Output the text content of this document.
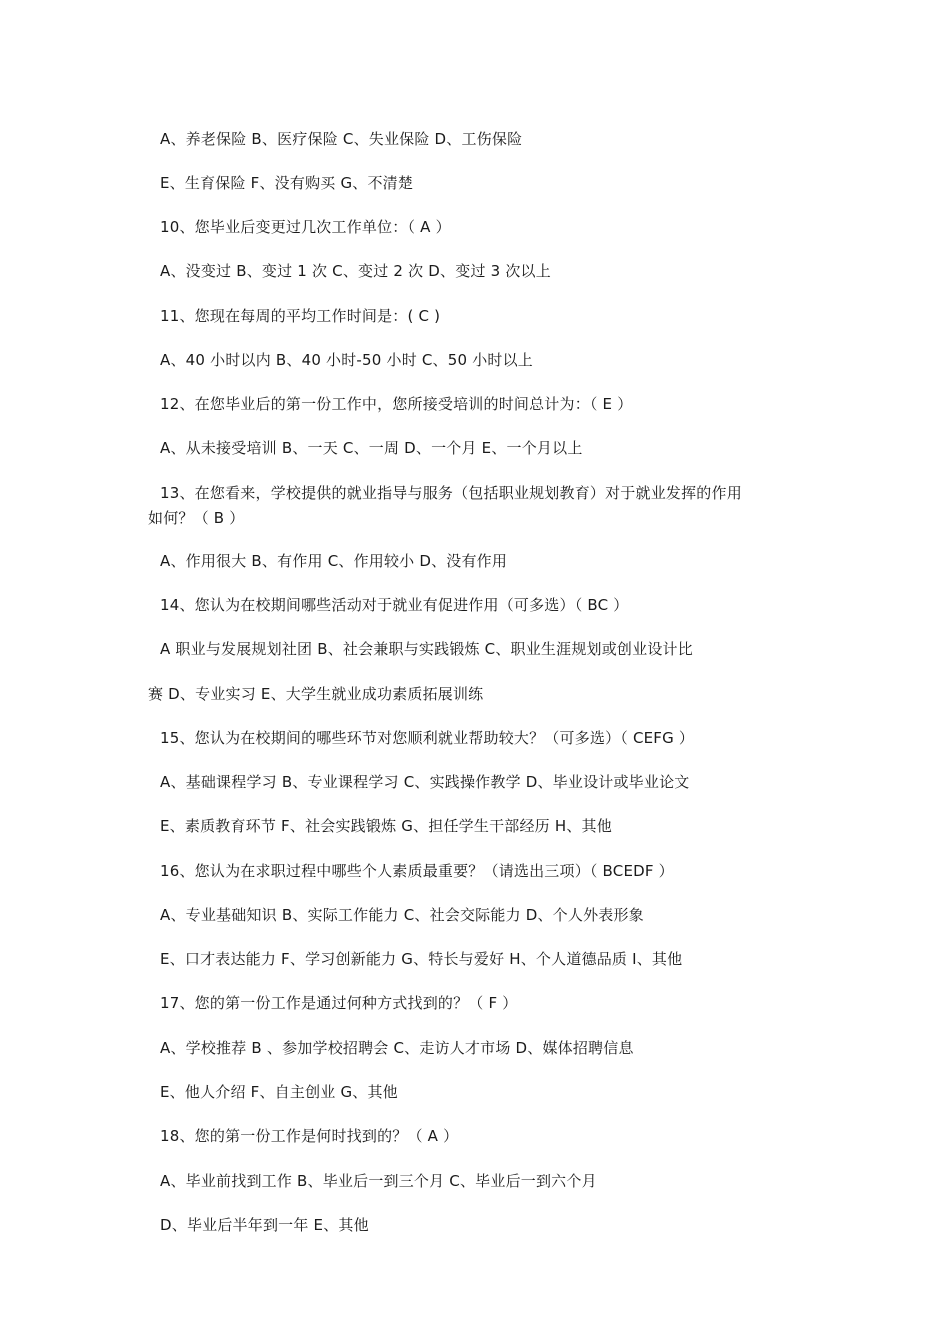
A、养老保险 B、医疗保险 C、失业保险 D、工伤保险
E、生育保险 F、没有购买 G、不清楚
10、您毕业后变更过几次工作单位：（ A ）
A、没变过 B、变过 1 次 C、变过 2 次 D、变过 3 次以上
11、您现在每周的平均工作时间是：( C )
A、40 小时以内 B、40 小时-50 小时 C、50 小时以上
12、在您毕业后的第一份工作中，您所接受培训的时间总计为：（ E ）
A、从未接受培训 B、一天 C、一周 D、一个月 E、一个月以上
13、在您看来，学校提供的就业指导与服务（包括职业规划教育）对于就业发挥的作用
如何？（ B ）
A、作用很大 B、有作用 C、作用较小 D、没有作用
14、您认为在校期间哪些活动对于就业有促进作用（可多选）（ BC ）
A 职业与发展规划社团 B、社会兼职与实践锻炼 C、职业生涯规划或创业设计比
赛 D、专业实习 E、大学生就业成功素质拓展训练
15、您认为在校期间的哪些环节对您顺利就业帮助较大？（可多选）（ CEFG ）
A、基础课程学习 B、专业课程学习 C、实践操作教学 D、毕业设计或毕业论文
E、素质教育环节 F、社会实践锻炼 G、担任学生干部经历 H、其他
16、您认为在求职过程中哪些个人素质最重要？（请选出三项）（ BCEDF ）
A、专业基础知识 B、实际工作能力 C、社会交际能力 D、个人外表形象
E、口才表达能力 F、学习创新能力 G、特长与爱好 H、个人道德品质 I、其他
17、您的第一份工作是通过何种方式找到的？（ F ）
A、学校推荐 B 、参加学校招聘会 C、走访人才市场 D、媒体招聘信息
E、他人介绍 F、自主创业 G、其他
18、您的第一份工作是何时找到的？（ A ）
A、毕业前找到工作 B、毕业后一到三个月 C、毕业后一到六个月
D、毕业后半年到一年 E、其他
